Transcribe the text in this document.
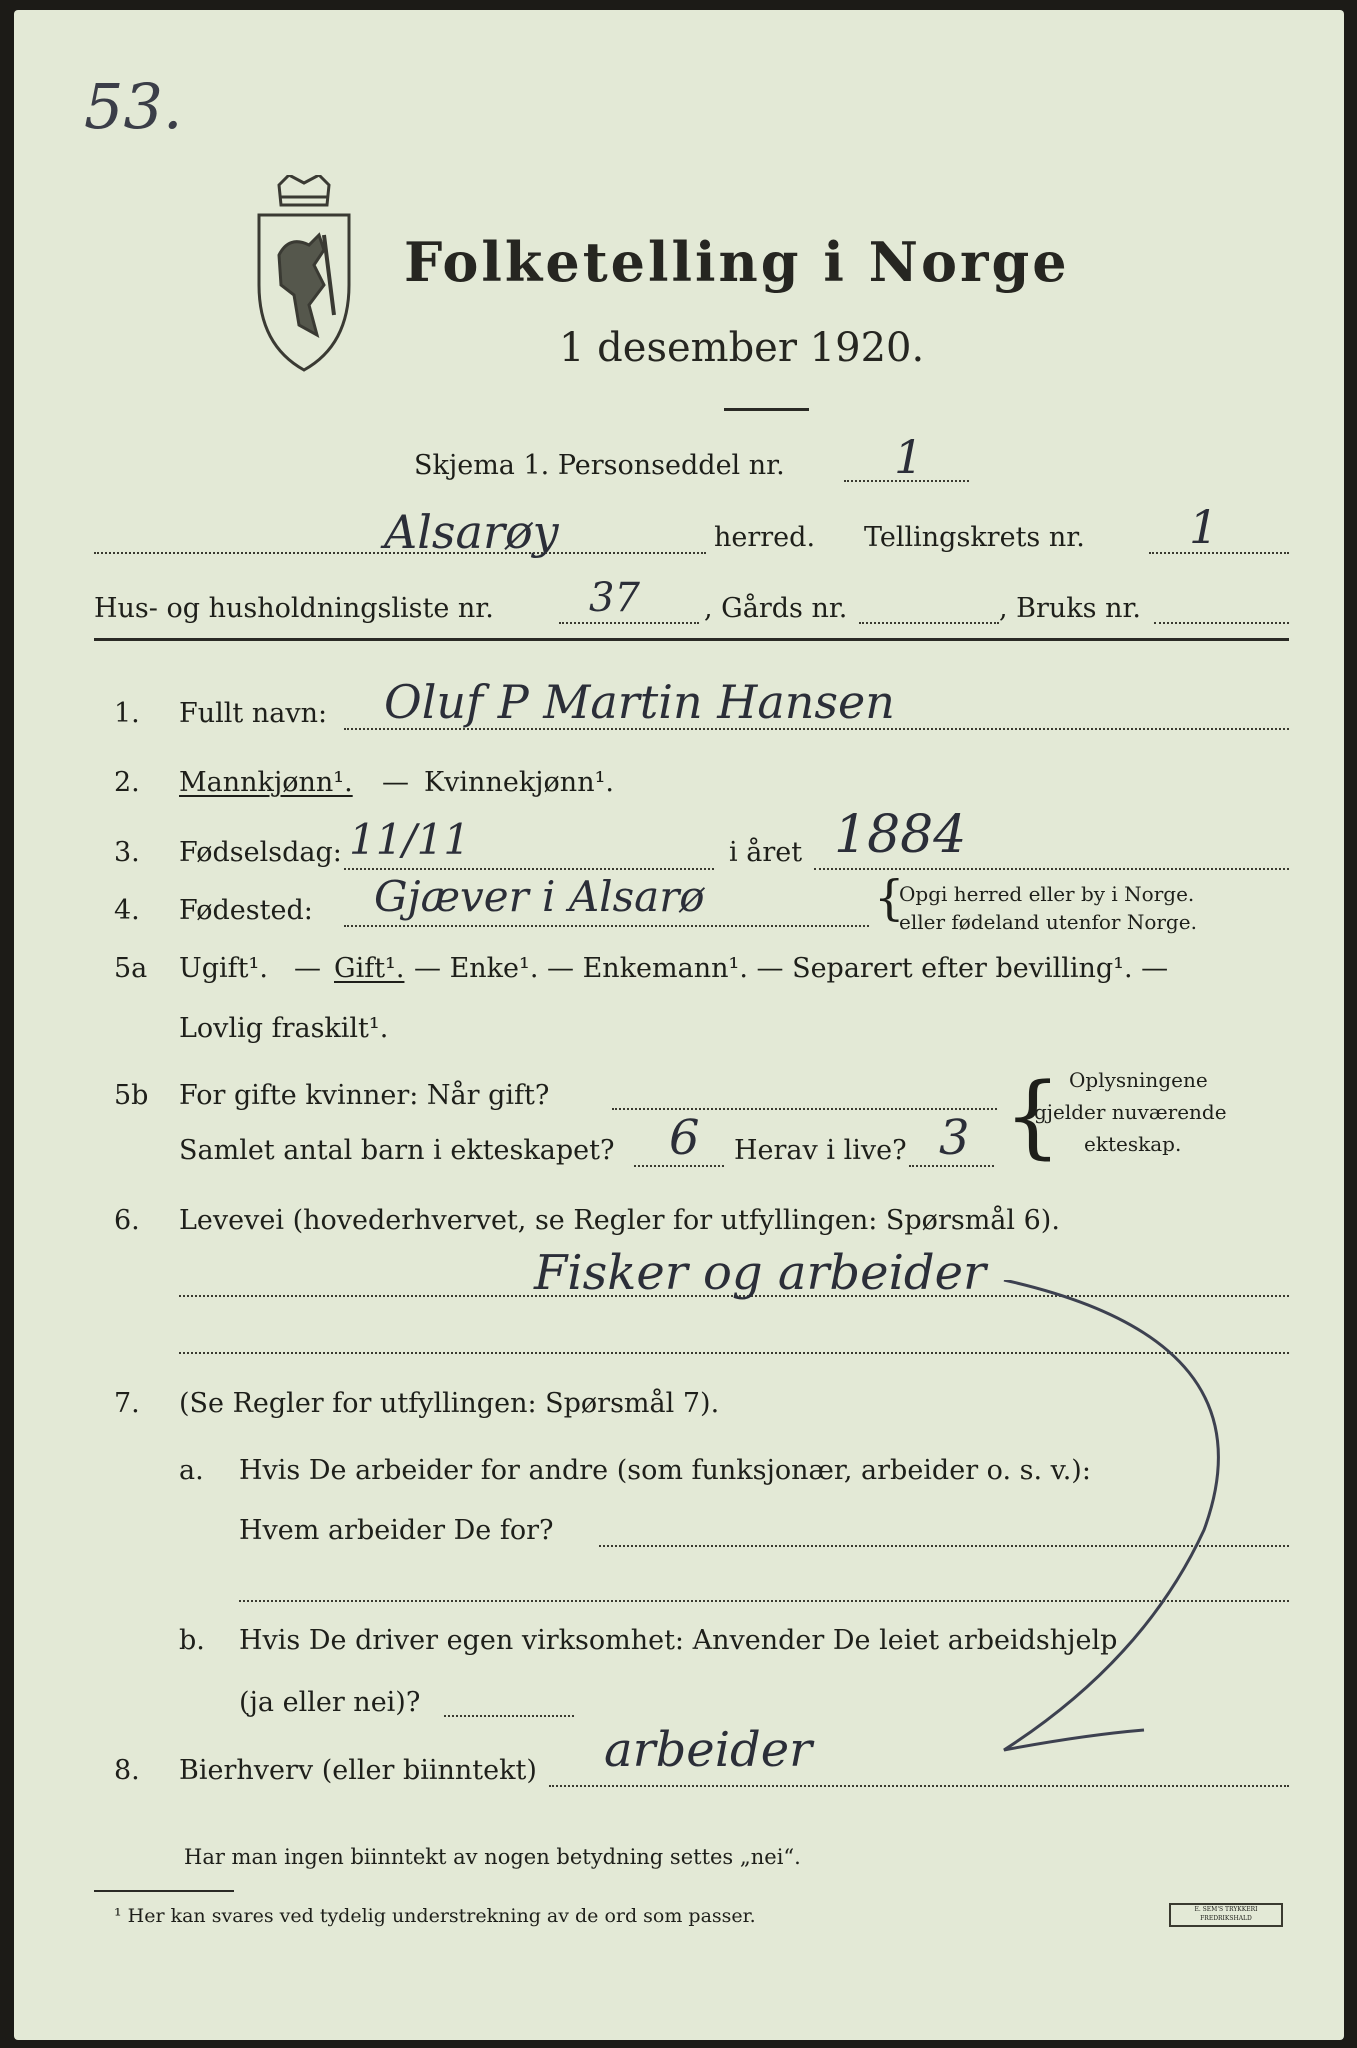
53.
Folketelling i Norge
1 desember 1920.
Skjema 1. Personseddel nr. 1
Alsarøy	herred. Tellingskrets nr. 1
Hus- og husholdningsliste nr. 37 , Gårds nr.	, Bruks nr.
1. Fullt navn: Oluf P Martin Hansen
2. Mannkjønn¹. — Kvinnekjønn¹.
3. Fødselsdag: 11/11	i året 1884
4. Fødested: Gjæver i Alsarø	{
Opgi herred eller by i Norge.
eller fødeland utenfor Norge.
5a Ugift¹. — Gift¹. — Enke¹. — Enkemann¹. — Separert efter bevilling¹. —
Lovlig fraskilt¹.
5b For gifte kvinner: Når gift?
Samlet antal barn i ekteskapet? 6 Herav i live? 3 { Oplysningene
gjelder nuværende
ekteskap.
6. Levevei (hovederhvervet, se Regler for utfyllingen: Spørsmål 6).
Fisker og arbeider
7. (Se Regler for utfyllingen: Spørsmål 7).
a. Hvis De arbeider for andre (som funksjonær, arbeider o. s. v.):
Hvem arbeider De for?
b. Hvis De driver egen virksomhet: Anvender De leiet arbeidshjelp
(ja eller nei)?
8. Bierhverv (eller biinntekt) arbeider
Har man ingen biinntekt av nogen betydning settes „nei“.
¹ Her kan svares ved tydelig understrekning av de ord som passer.	E. SEM'S TRYKKERI FREDRIKSHALD
